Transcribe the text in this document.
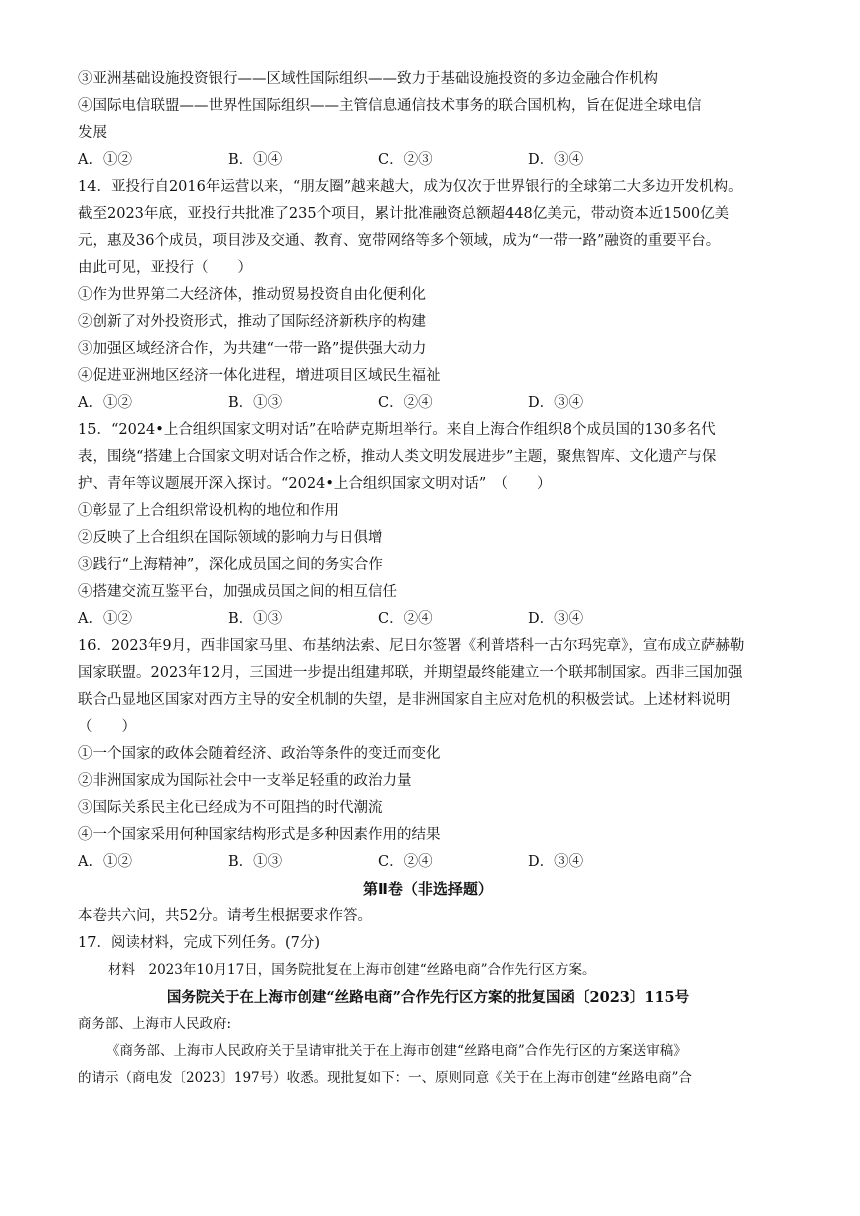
③亚洲基础设施投资银行——区域性国际组织——致力于基础设施投资的多边金融合作机构
④国际电信联盟——世界性国际组织——主管信息通信技术事务的联合国机构，旨在促进全球电信
发展
A．①②	B．①④	C．②③	D．③④
14．亚投行自2016年运营以来，“朋友圈”越来越大，成为仅次于世界银行的全球第二大多边开发机构。
截至2023年底，亚投行共批准了235个项目，累计批准融资总额超448亿美元，带动资本近1500亿美
元，惠及36个成员，项目涉及交通、教育、宽带网络等多个领域，成为“一带一路”融资的重要平台。
由此可见，亚投行（　　）
①作为世界第二大经济体，推动贸易投资自由化便利化
②创新了对外投资形式，推动了国际经济新秩序的构建
③加强区域经济合作，为共建“一带一路”提供强大动力
④促进亚洲地区经济一体化进程，增进项目区域民生福祉
A．①②	B．①③	C．②④	D．③④
15．“2024•上合组织国家文明对话”在哈萨克斯坦举行。来自上海合作组织8个成员国的130多名代
表，围绕“搭建上合国家文明对话合作之桥，推动人类文明发展进步”主题，聚焦智库、文化遗产与保
护、青年等议题展开深入探讨。“2024•上合组织国家文明对话”　（　　）
①彰显了上合组织常设机构的地位和作用
②反映了上合组织在国际领域的影响力与日俱增
③践行“上海精神”，深化成员国之间的务实合作
④搭建交流互鉴平台，加强成员国之间的相互信任
A．①②	B．①③	C．②④	D．③④
16．2023年9月，西非国家马里、布基纳法索、尼日尔签署《利普塔科一古尔玛宪章》，宣布成立萨赫勒
国家联盟。2023年12月，三国进一步提出组建邦联，并期望最终能建立一个联邦制国家。西非三国加强
联合凸显地区国家对西方主导的安全机制的失望，是非洲国家自主应对危机的积极尝试。上述材料说明
（　　）
①一个国家的政体会随着经济、政治等条件的变迁而变化
②非洲国家成为国际社会中一支举足轻重的政治力量
③国际关系民主化已经成为不可阻挡的时代潮流
④一个国家采用何种国家结构形式是多种因素作用的结果
A．①②	B．①③	C．②④	D．③④
第Ⅱ卷（非选择题）
本卷共六问，共52分。请考生根据要求作答。
17．阅读材料，完成下列任务。(7分)
材料　2023年10月17日，国务院批复在上海市创建“丝路电商”合作先行区方案。
国务院关于在上海市创建“丝路电商”合作先行区方案的批复国函〔2023〕115号
商务部、上海市人民政府:
《商务部、上海市人民政府关于呈请审批关于在上海市创建“丝路电商”合作先行区的方案送审稿》
的请示（商电发〔2023〕197号）收悉。现批复如下：一、原则同意《关于在上海市创建“丝路电商”合
